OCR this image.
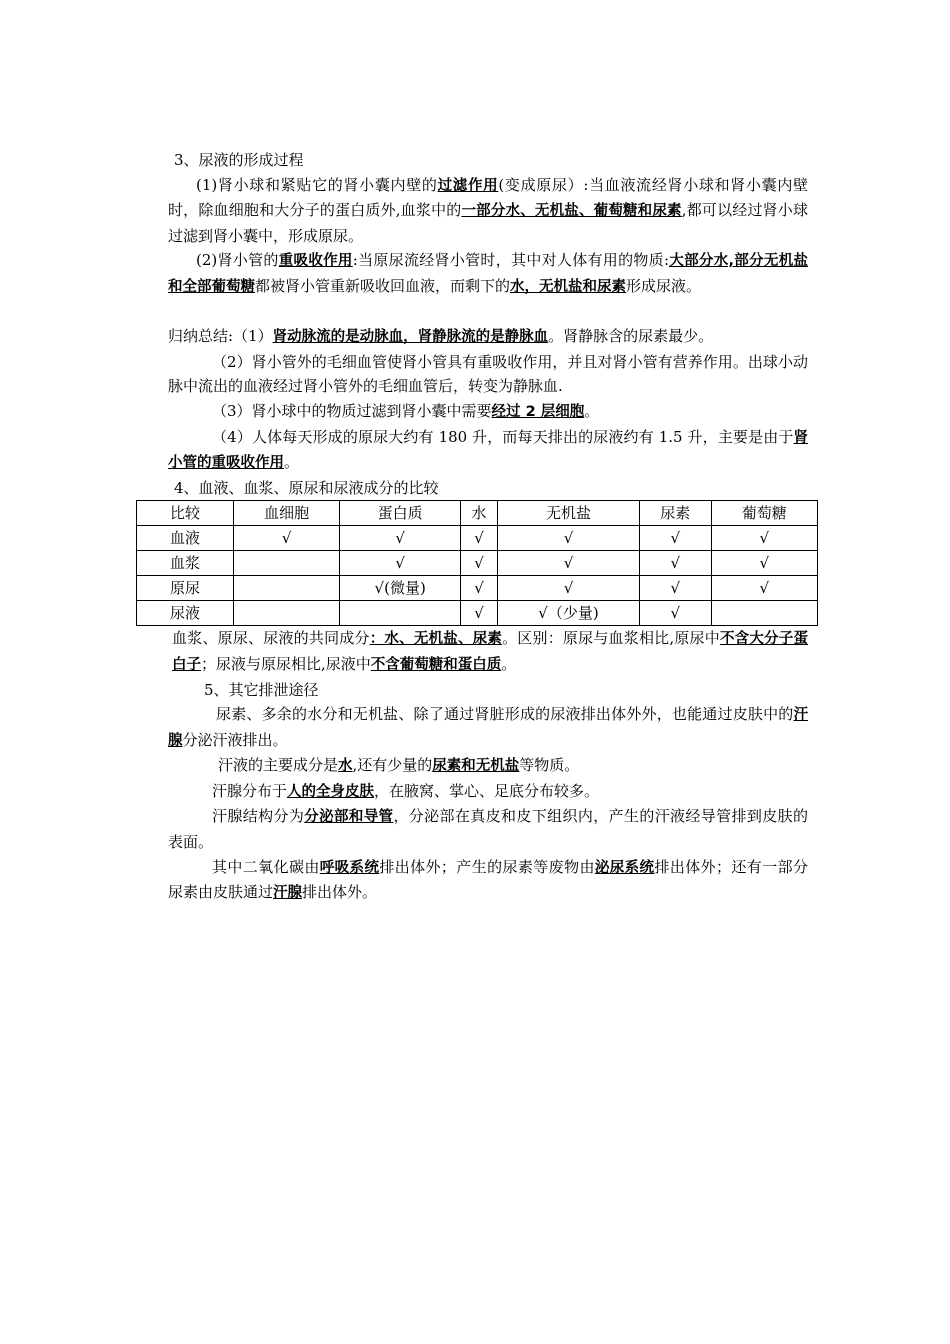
3、尿液的形成过程

(1)肾小球和紧贴它的肾小囊内壁的过滤作用(变成原尿）:当血液流经肾小球和肾小囊内壁时，除血细胞和大分子的蛋白质外,血浆中的一部分水、无机盐、葡萄糖和尿素,都可以经过肾小球过滤到肾小囊中，形成原尿。

(2)肾小管的重吸收作用:当原尿流经肾小管时，其中对人体有用的物质:大部分水,部分无机盐和全部葡萄糖都被肾小管重新吸收回血液，而剩下的水，无机盐和尿素形成尿液。

归纳总结:（1）肾动脉流的是动脉血，肾静脉流的是静脉血。肾静脉含的尿素最少。

（2）肾小管外的毛细血管使肾小管具有重吸收作用，并且对肾小管有营养作用。出球小动脉中流出的血液经过肾小管外的毛细血管后，转变为静脉血.

（3）肾小球中的物质过滤到肾小囊中需要经过 2 层细胞。

（4）人体每天形成的原尿大约有 180 升，而每天排出的尿液约有 1.5 升，主要是由于肾小管的重吸收作用。

4、血液、血浆、原尿和尿液成分的比较

比较	血细胞	蛋白质	水	无机盐	尿素	葡萄糖
血液	√	√	√	√	√	√
血浆		√	√	√	√	√
原尿		√(微量)	√	√	√	√
尿液			√	√（少量)	√	

血浆、原尿、尿液的共同成分：水、无机盐、尿素。区别：原尿与血浆相比,原尿中不含大分子蛋白子；尿液与原尿相比,尿液中不含葡萄糖和蛋白质。

5、其它排泄途径

尿素、多余的水分和无机盐、除了通过肾脏形成的尿液排出体外外，也能通过皮肤中的汗腺分泌汗液排出。

汗液的主要成分是水,还有少量的尿素和无机盐等物质。

汗腺分布于人的全身皮肤，在腋窝、掌心、足底分布较多。

汗腺结构分为分泌部和导管，分泌部在真皮和皮下组织内，产生的汗液经导管排到皮肤的表面。

其中二氧化碳由呼吸系统排出体外；产生的尿素等废物由泌尿系统排出体外；还有一部分尿素由皮肤通过汗腺排出体外。
